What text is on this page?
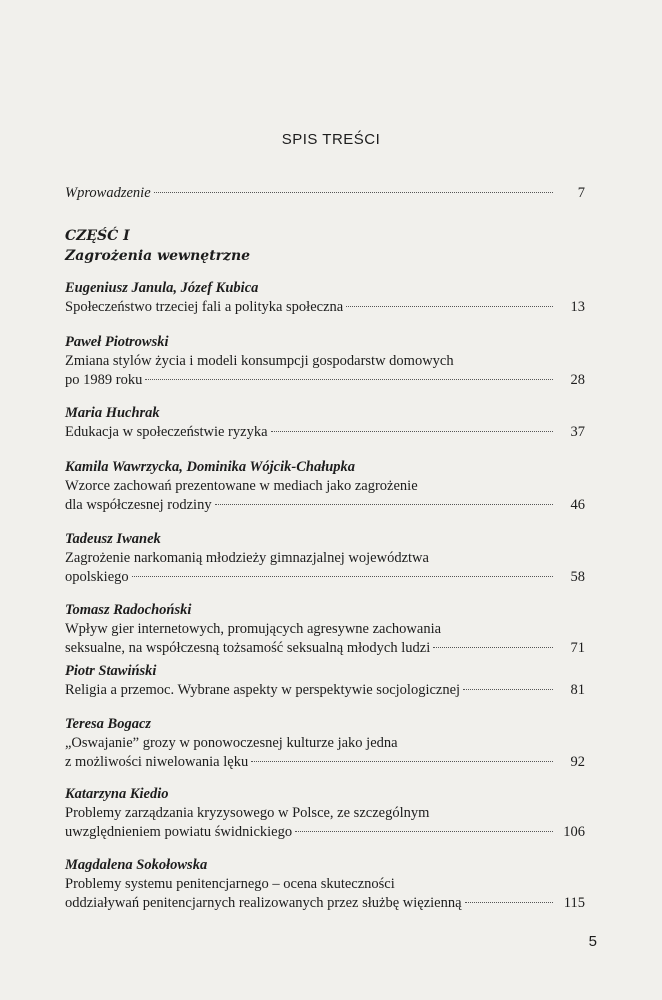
SPIS TREŚCI
Wprowadzenie	7
CZĘŚĆ I
Zagrożenia wewnętrzne
Eugeniusz Janula, Józef Kubica
Społeczeństwo trzeciej fali a polityka społeczna	13
Paweł Piotrowski
Zmiana stylów życia i modeli konsumpcji gospodarstw domowych
po 1989 roku	28
Maria Huchrak
Edukacja w społeczeństwie ryzyka	37
Kamila Wawrzycka, Dominika Wójcik-Chałupka
Wzorce zachowań prezentowane w mediach jako zagrożenie
dla współczesnej rodziny	46
Tadeusz Iwanek
Zagrożenie narkomanią młodzieży gimnazjalnej województwa
opolskiego	58
Tomasz Radochoński
Wpływ gier internetowych, promujących agresywne zachowania
seksualne, na współczesną tożsamość seksualną młodych ludzi	71
Piotr Stawiński
Religia a przemoc. Wybrane aspekty w perspektywie socjologicznej	81
Teresa Bogacz
„Oswajanie” grozy w ponowoczesnej kulturze jako jedna
z możliwości niwelowania lęku	92
Katarzyna Kiedio
Problemy zarządzania kryzysowego w Polsce, ze szczególnym
uwzględnieniem powiatu świdnickiego	106
Magdalena Sokołowska
Problemy systemu penitencjarnego – ocena skuteczności
oddziaływań penitencjarnych realizowanych przez służbę więzienną	115
5
